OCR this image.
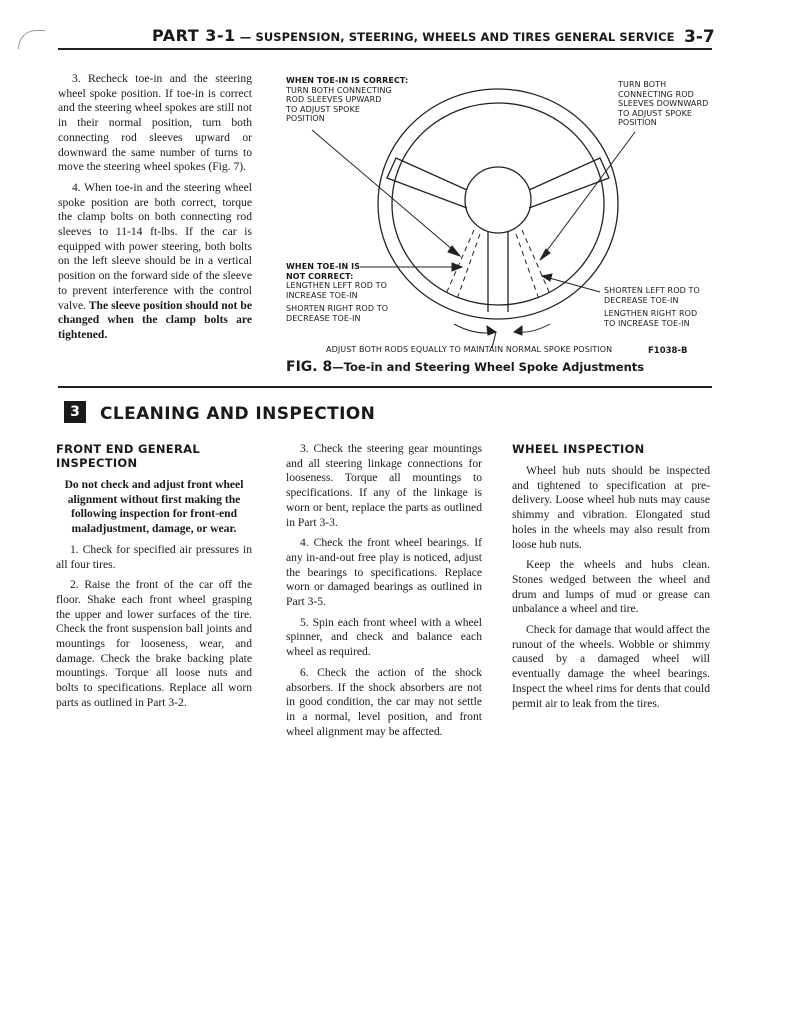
PART 3-1 — SUSPENSION, STEERING, WHEELS AND TIRES GENERAL SERVICE 3-7

3. Recheck toe-in and the steering wheel spoke position. If toe-in is correct and the steering wheel spokes are still not in their normal position, turn both connecting rod sleeves upward or downward the same number of turns to move the steering wheel spokes (Fig. 7).

4. When toe-in and the steering wheel spoke position are both correct, torque the clamp bolts on both connecting rod sleeves to 11-14 ft-lbs. If the car is equipped with power steering, both bolts on the left sleeve should be in a vertical position on the forward side of the sleeve to prevent interference with the control valve. The sleeve position should not be changed when the clamp bolts are tightened.

WHEN TOE-IN IS CORRECT:
TURN BOTH CONNECTING
ROD SLEEVES UPWARD
TO ADJUST SPOKE
POSITION
TURN BOTH
CONNECTING ROD
SLEEVES DOWNWARD
TO ADJUST SPOKE
POSITION
WHEN TOE-IN IS
NOT CORRECT:
LENGTHEN LEFT ROD TO
INCREASE TOE-IN
SHORTEN RIGHT ROD TO
DECREASE TOE-IN
SHORTEN LEFT ROD TO
DECREASE TOE-IN
LENGTHEN RIGHT ROD
TO INCREASE TOE-IN
ADJUST BOTH RODS EQUALLY TO MAINTAIN NORMAL SPOKE POSITION	F1038-B
FIG. 8—Toe-in and Steering Wheel Spoke Adjustments
3	CLEANING AND INSPECTION
FRONT END GENERAL INSPECTION

Do not check and adjust front wheel alignment without first making the following inspection for front-end maladjustment, damage, or wear.

1. Check for specified air pressures in all four tires.

2. Raise the front of the car off the floor. Shake each front wheel grasping the upper and lower surfaces of the tire. Check the front suspension ball joints and mountings for looseness, wear, and damage. Check the brake backing plate mountings. Torque all loose nuts and bolts to specifications. Replace all worn parts as outlined in Part 3-2.

3. Check the steering gear mountings and all steering linkage connections for looseness. Torque all mountings to specifications. If any of the linkage is worn or bent, replace the parts as outlined in Part 3-3.

4. Check the front wheel bearings. If any in-and-out free play is noticed, adjust the bearings to specifications. Replace worn or damaged bearings as outlined in Part 3-5.

5. Spin each front wheel with a wheel spinner, and check and balance each wheel as required.

6. Check the action of the shock absorbers. If the shock absorbers are not in good condition, the car may not settle in a normal, level position, and front wheel alignment may be affected.

WHEEL INSPECTION

Wheel hub nuts should be inspected and tightened to specification at pre-delivery. Loose wheel hub nuts may cause shimmy and vibration. Elongated stud holes in the wheels may also result from loose hub nuts.

Keep the wheels and hubs clean. Stones wedged between the wheel and drum and lumps of mud or grease can unbalance a wheel and tire.

Check for damage that would affect the runout of the wheels. Wobble or shimmy caused by a damaged wheel will eventually damage the wheel bearings. Inspect the wheel rims for dents that could permit air to leak from the tires.
